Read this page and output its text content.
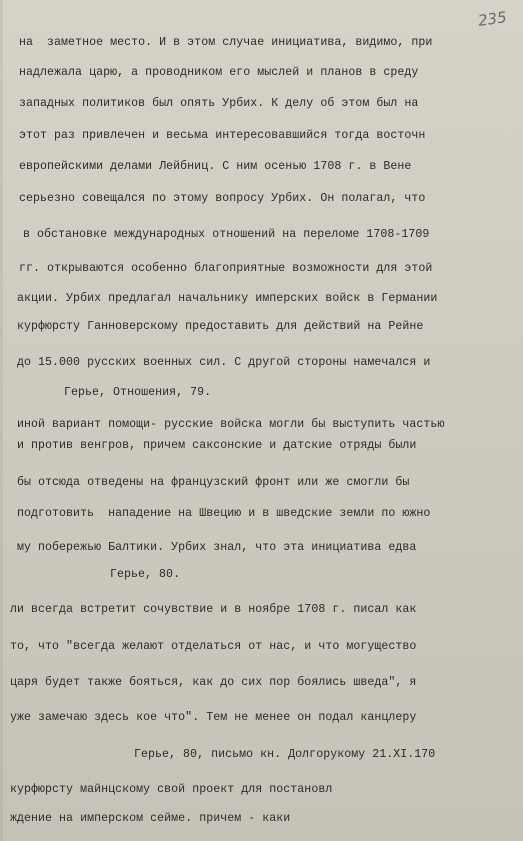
235
на  заметное место. И в этом случае инициатива, видимо, при
надлежала царю, а проводником его мыслей и планов в среду
западных политиков был опять Урбих. К делу об этом был на
этот раз привлечен и весьма интересовавшийся тогда восточн
европейскими делами Лейбниц. С ним осенью 1708 г. в Вене
серьезно совещался по этому вопросу Урбих. Он полагал, что
в обстановке международных отношений на переломе 1708-1709
гг. открываются особенно благоприятные возможности для этой
акции. Урбих предлагал начальнику имперских войск в Германии
курфюрсту Ганноверскому предоставить для действий на Рейне
до 15.000 русских военных сил. С другой стороны намечался и
Герье, Отношения, 79.
иной вариант помощи- русские войска могли бы выступить частью
и против венгров, причем саксонские и датские отряды были
бы отсюда отведены на французский фронт или же смогли бы
подготовить  нападение на Швецию и в шведские земли по южно
му побережью Балтики. Урбих знал, что эта инициатива едва
Герье, 80.
ли всегда встретит сочувствие и в ноябре 1708 г. писал как
то, что "всегда желают отделаться от нас, и что могущество
царя будет также бояться, как до сих пор боялись шведа", я
уже замечаю здесь кое что". Тем не менее он подал канцлеру
Герье, 80, письмо кн. Долгорукому 21.XI.170
курфюрсту майнцскому свой проект для постановл
ждение на имперском сейме. причем - каки
